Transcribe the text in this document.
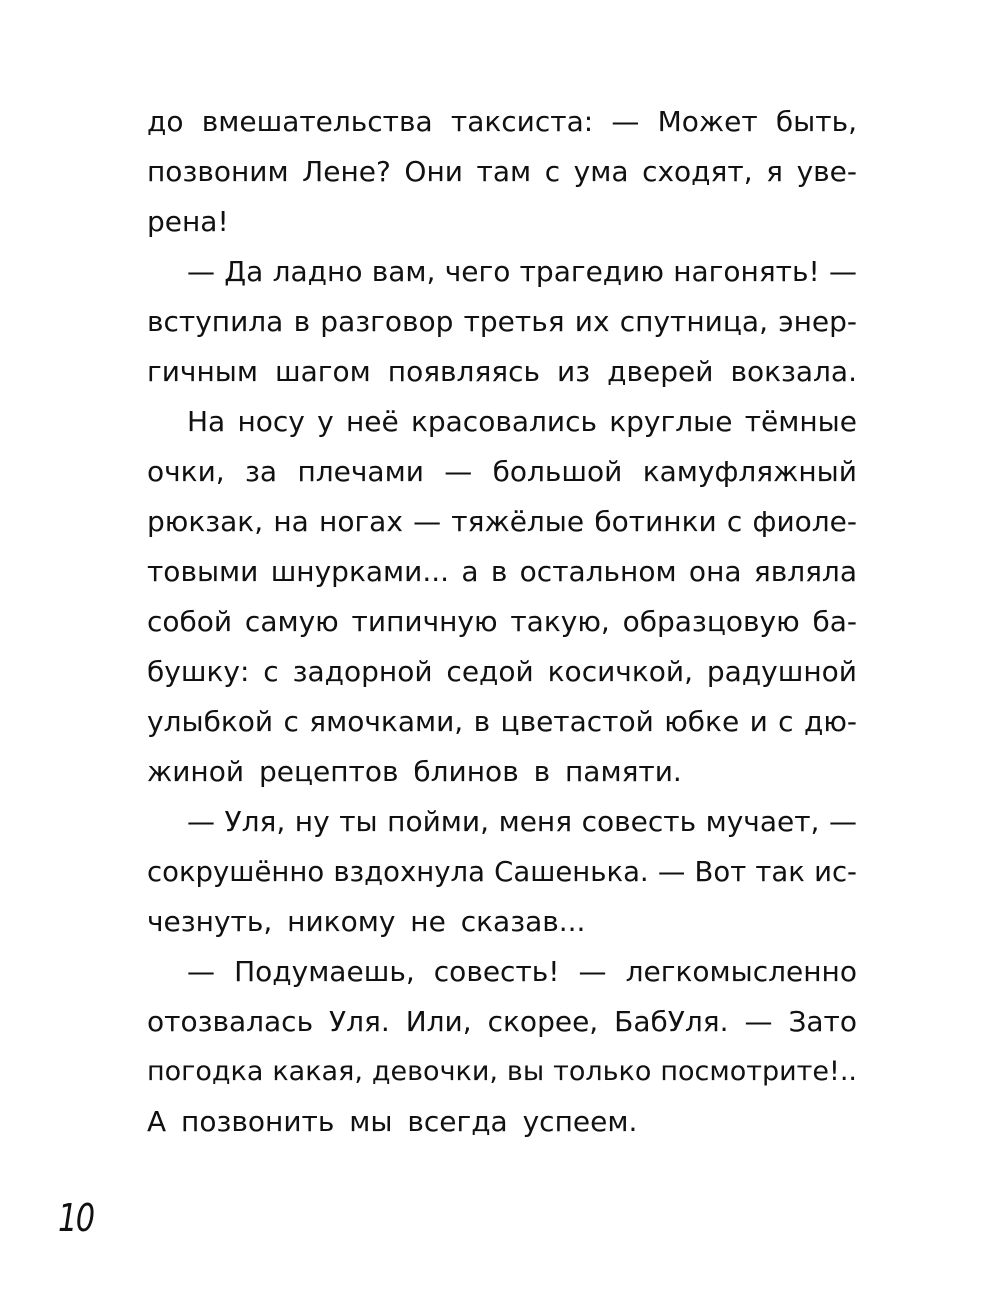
до вмешательства таксиста: — Может быть,
позвоним Лене? Они там с ума сходят, я уве-
рена!
— Да ладно вам, чего трагедию нагонять! —
вступила в разговор третья их спутница, энер-
гичным шагом появляясь из дверей вокзала.
На носу у неё красовались круглые тёмные
очки, за плечами — большой камуфляжный
рюкзак, на ногах — тяжёлые ботинки с фиоле-
товыми шнурками... а в остальном она являла
собой самую типичную такую, образцовую ба-
бушку: с задорной седой косичкой, радушной
улыбкой с ямочками, в цветастой юбке и с дю-
жиной рецептов блинов в памяти.
— Уля, ну ты пойми, меня совесть мучает, —
сокрушённо вздохнула Сашенька. — Вот так ис-
чезнуть, никому не сказав...
— Подумаешь, совесть! — легкомысленно
отозвалась Уля. Или, скорее, БабУля. — Зато
погодка какая, девочки, вы только посмотрите!..
А позвонить мы всегда успеем.
10
